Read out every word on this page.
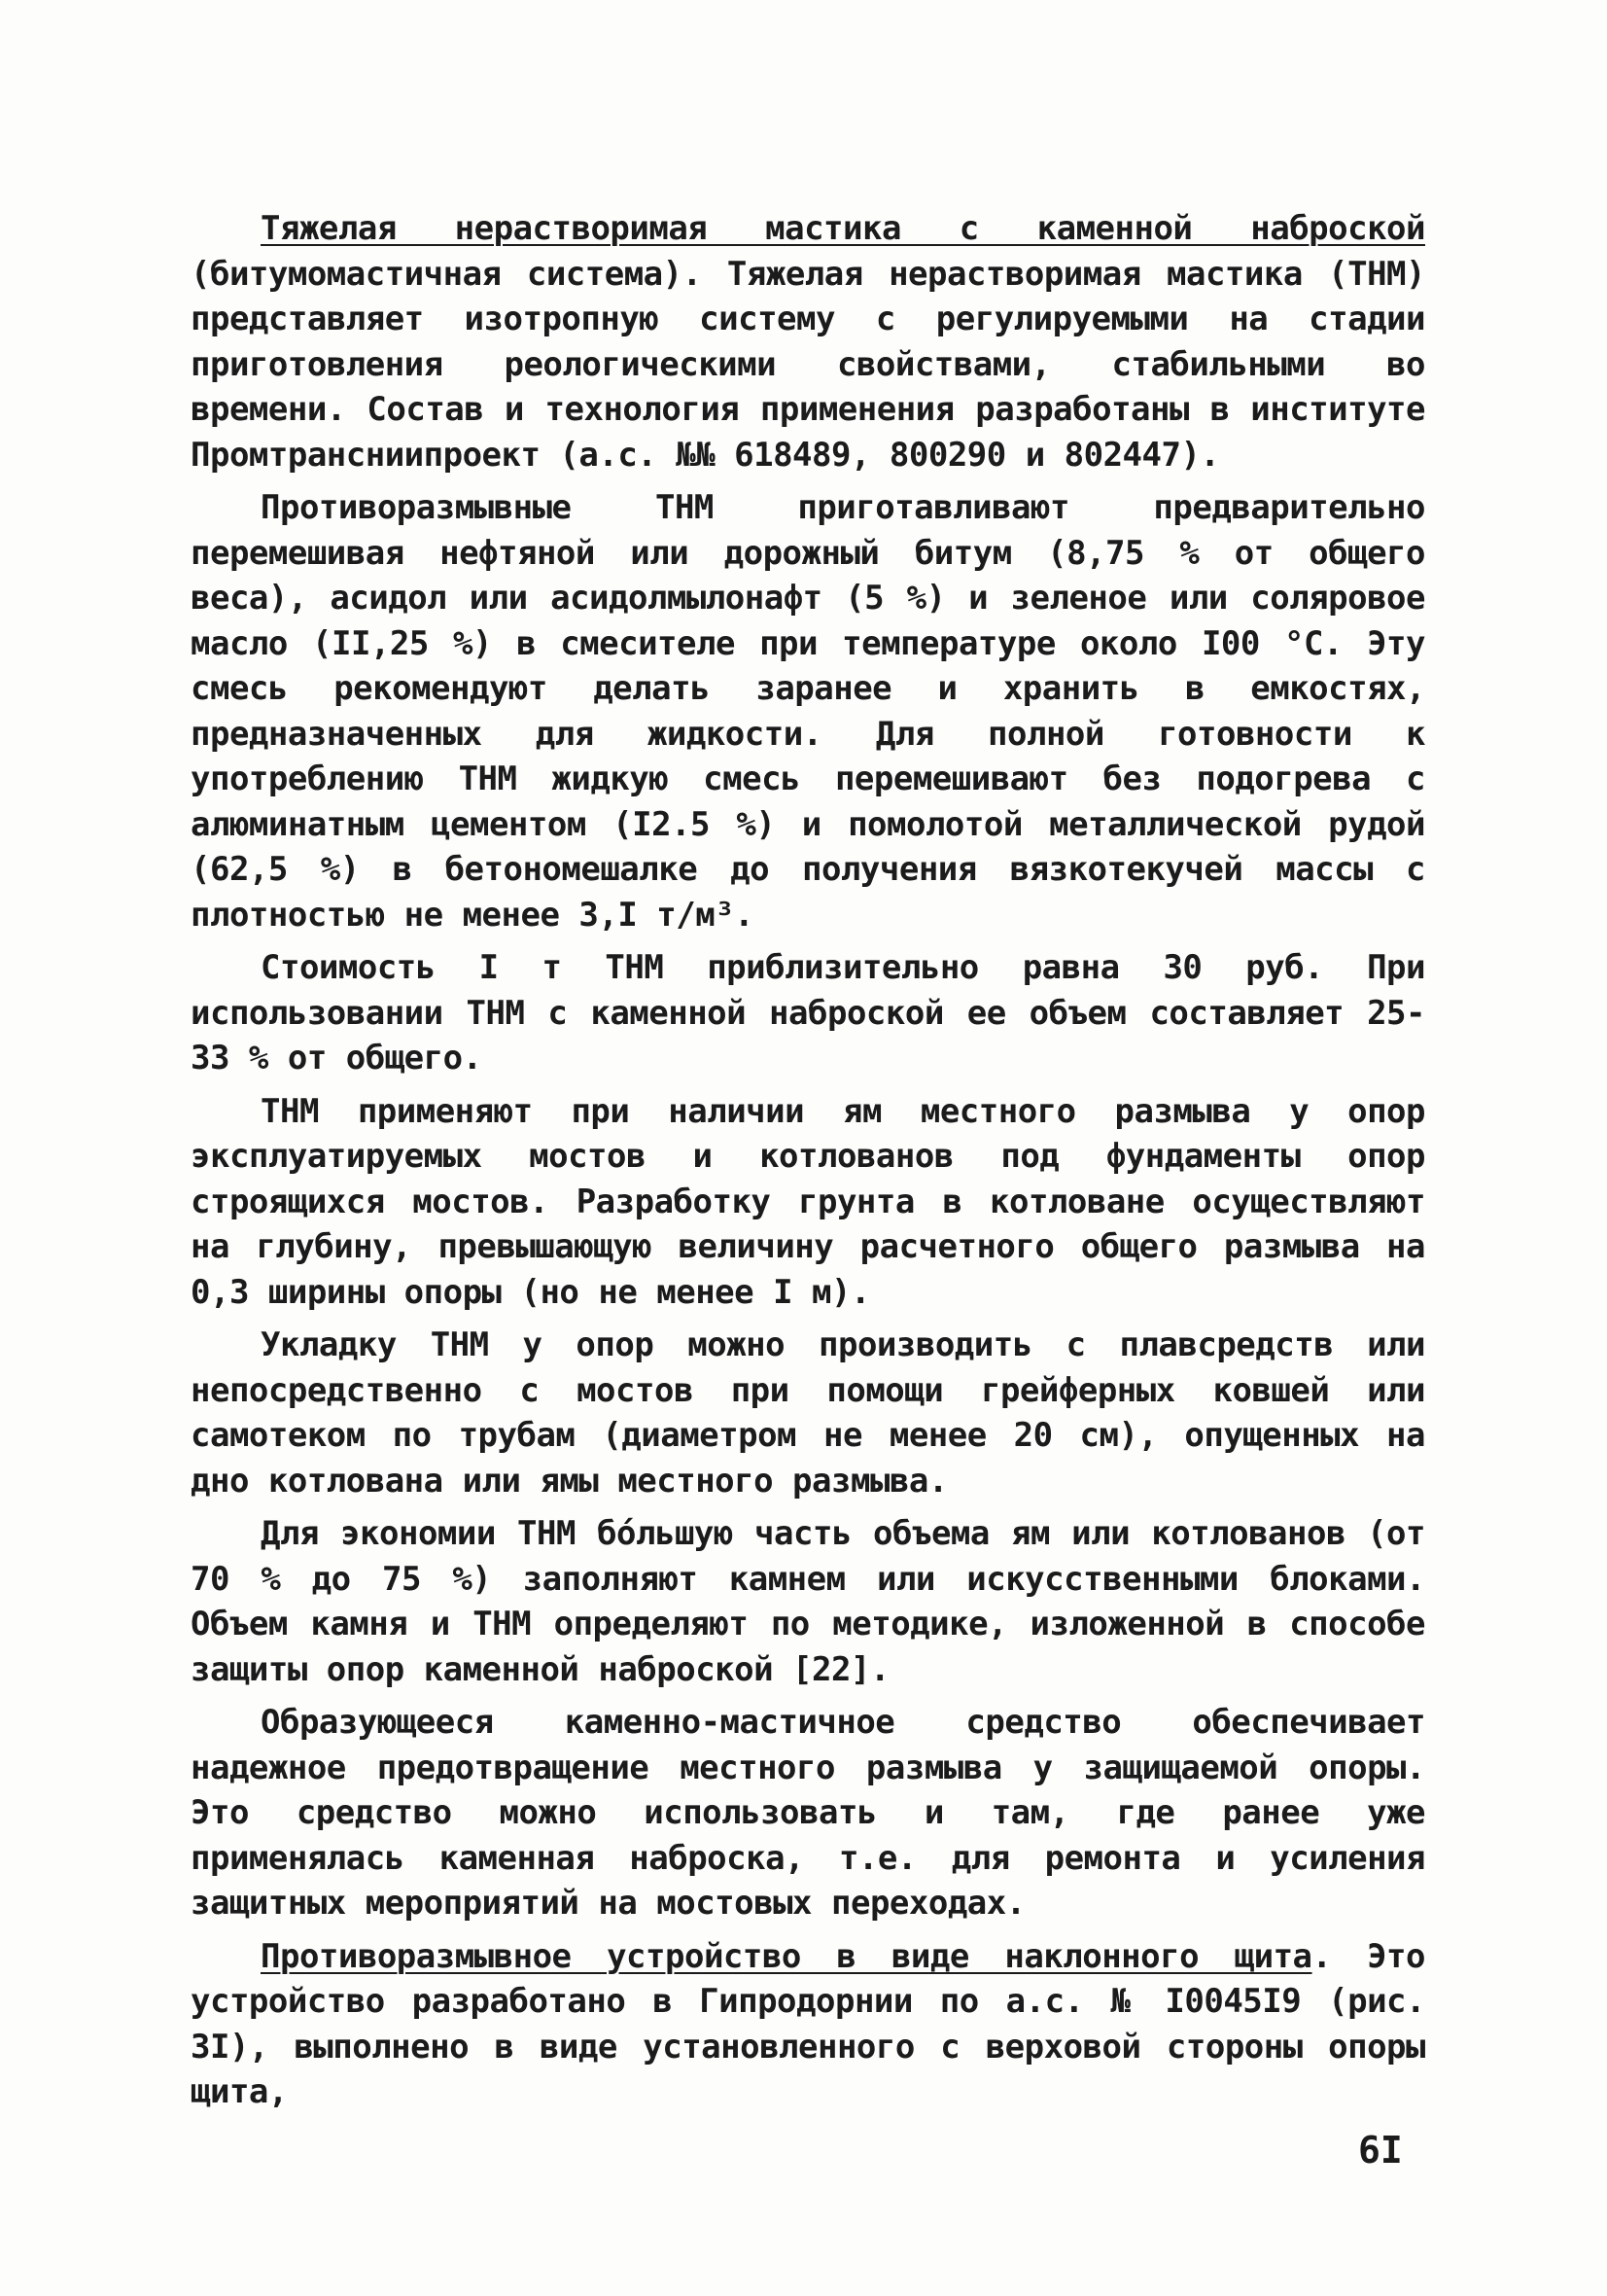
Тяжелая нерастворимая мастика с каменной наброской (битумомастичная система). Тяжелая нерастворимая мастика (ТНМ) представляет изотропную систему с регулируемыми на стадии приготовления реологическими свойствами, стабильными во времени. Состав и технология применения разработаны в институте Промтрансниипроект (а.с. №№ 618489, 800290 и 802447).

Противоразмывные ТНМ приготавливают предварительно перемешивая нефтяной или дорожный битум (8,75 % от общего веса), асидол или асидолмылонафт (5 %) и зеленое или соляровое масло (II,25 %) в смесителе при температуре около I00 °С. Эту смесь рекомендуют делать заранее и хранить в емкостях, предназначенных для жидкости. Для полной готовности к употреблению ТНМ жидкую смесь перемешивают без подогрева с алюминатным цементом (I2.5 %) и помолотой металлической рудой (62,5 %) в бетономешалке до получения вязкотекучей массы с плотностью не менее 3,I т/м³.

Стоимость I т ТНМ приблизительно равна 30 руб. При использовании ТНМ с каменной наброской ее объем составляет 25-33 % от общего.

ТНМ применяют при наличии ям местного размыва у опор эксплуатируемых мостов и котлованов под фундаменты опор строящихся мостов. Разработку грунта в котловане осуществляют на глубину, превышающую величину расчетного общего размыва на 0,3 ширины опоры (но не менее I м).

Укладку ТНМ у опор можно производить с плавсредств или непосредственно с мостов при помощи грейферных ковшей или самотеком по трубам (диаметром не менее 20 см), опущенных на дно котлована или ямы местного размыва.

Для экономии ТНМ бóльшую часть объема ям или котлованов (от 70 % до 75 %) заполняют камнем или искусственными блоками. Объем камня и ТНМ определяют по методике, изложенной в способе защиты опор каменной наброской [22].

Образующееся каменно-мастичное средство обеспечивает надежное предотвращение местного размыва у защищаемой опоры. Это средство можно использовать и там, где ранее уже применялась каменная наброска, т.е. для ремонта и усиления защитных мероприятий на мостовых переходах.

Противоразмывное устройство в виде наклонного щита. Это устройство разработано в Гипродорнии по а.с. № I0045I9 (рис. 3I), выполнено в виде установленного с верховой стороны опоры щита,

6I
